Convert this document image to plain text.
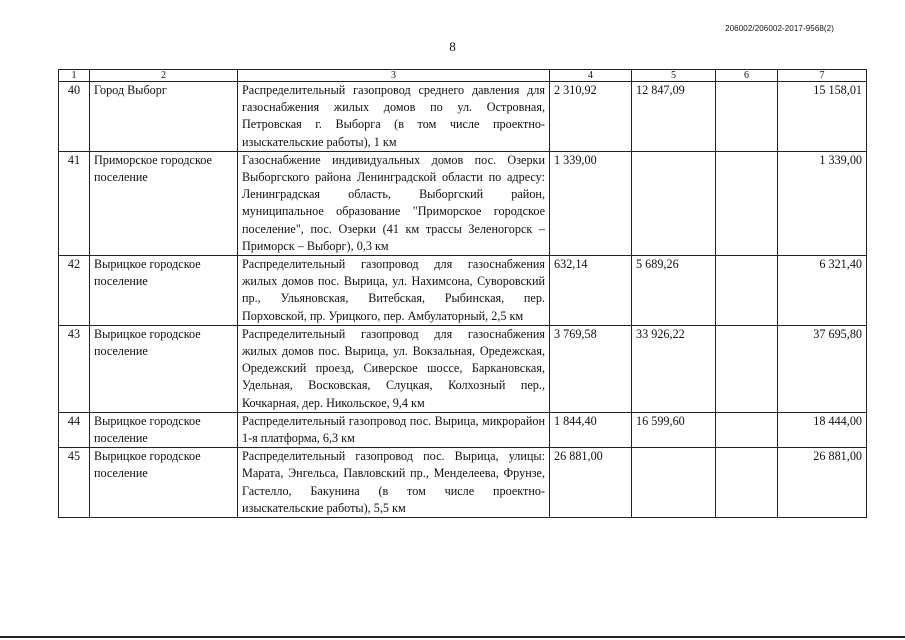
206002/206002-2017-9568(2)
8
1	2	3	4	5	6	7
40	Город Выборг	Распределительный газопровод среднего давления для газоснабжения жилых домов по ул. Островная, Петровская г. Выборга (в том числе проектно-изыскательские работы), 1 км	2 310,92	12 847,09		15 158,01
41	Приморское городское поселение	Газоснабжение индивидуальных домов пос. Озерки Выборгского района Ленинградской области по адресу: Ленинградская область, Выборгский район, муниципальное образование "Приморское городское поселение", пос. Озерки (41 км трассы Зеленогорск – Приморск – Выборг), 0,3 км	1 339,00			1 339,00
42	Вырицкое городское поселение	Распределительный газопровод для газоснабжения жилых домов пос. Вырица, ул. Нахимсона, Суворовский пр., Ульяновская, Витебская, Рыбинская, пер. Порховской, пр. Урицкого, пер. Амбулаторный, 2,5 км	632,14	5 689,26		6 321,40
43	Вырицкое городское поселение	Распределительный газопровод для газоснабжения жилых домов пос. Вырица, ул. Вокзальная, Оредежская, Оредежский проезд, Сиверское шоссе, Баркановская, Удельная, Восковская, Слуцкая, Колхозный пер., Кочкарная, дер. Никольское, 9,4 км	3 769,58	33 926,22		37 695,80
44	Вырицкое городское поселение	Распределительный газопровод пос. Вырица, микрорайон 1-я платформа, 6,3 км	1 844,40	16 599,60		18 444,00
45	Вырицкое городское поселение	Распределительный газопровод пос. Вырица, улицы: Марата, Энгельса, Павловский пр., Менделеева, Фрунзе, Гастелло, Бакунина (в том числе проектно-изыскательские работы), 5,5 км	26 881,00			26 881,00
